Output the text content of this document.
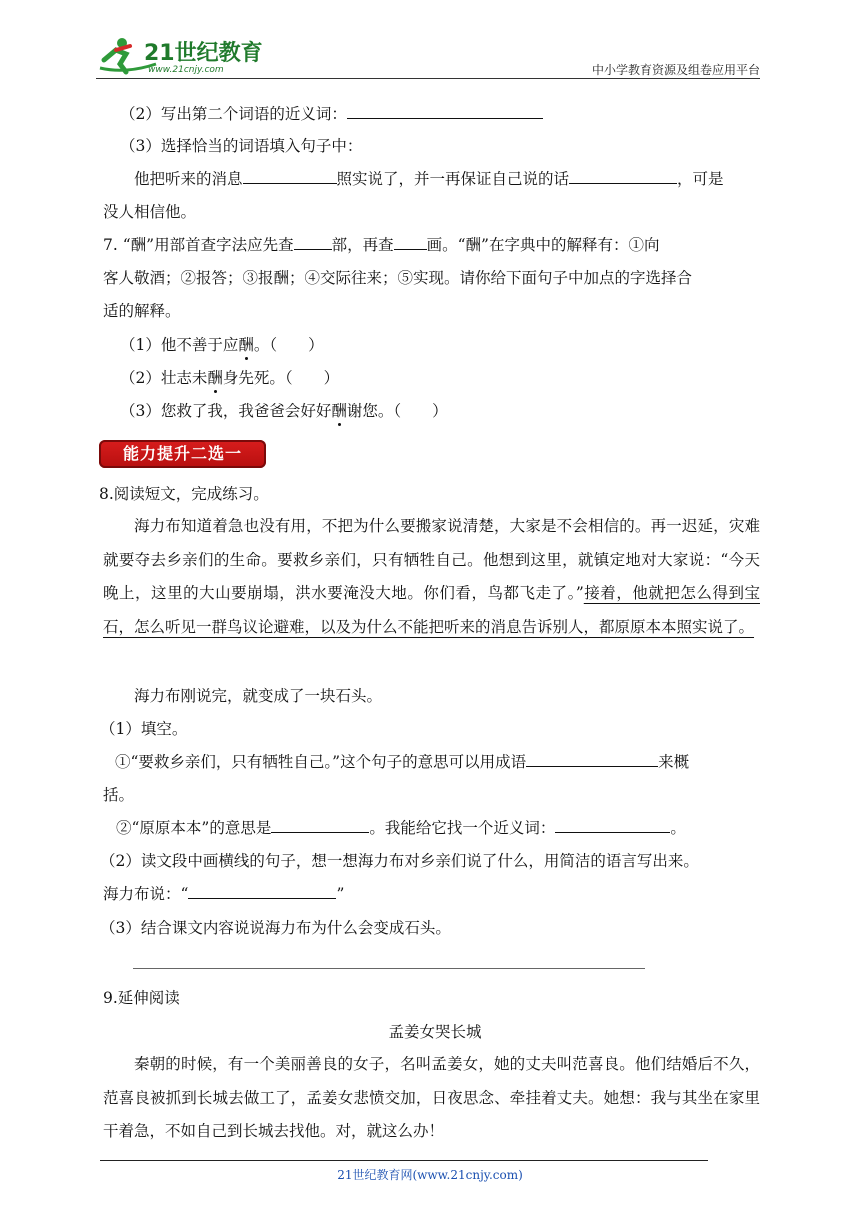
21世纪教育
www.21cnjy.com	中小学教育资源及组卷应用平台
（2）写出第二个词语的近义词：
（3）选择恰当的词语填入句子中：
他把听来的消息	照实说了，并一再保证自己说的话	，可是
没人相信他。
7. “酬”用部首查字法应先查 部，再查 画。“酬”在字典中的解释有：①向
客人敬酒；②报答；③报酬；④交际往来；⑤实现。请你给下面句子中加点的字选择合
适的解释。
（1）他不善于应酬。（　　）
（2）壮志未酬身先死。（　　）
（3）您救了我，我爸爸会好好酬谢您。（　　）
能力提升二选一
8.阅读短文，完成练习。
海力布知道着急也没有用，不把为什么要搬家说清楚，大家是不会相信的。再一迟延，灾难就要夺去乡亲们的生命。要救乡亲们，只有牺牲自己。他想到这里，就镇定地对大家说：“今天晚上，这里的大山要崩塌，洪水要淹没大地。你们看，鸟都飞走了。”接着，他就把怎么得到宝石，怎么听见一群鸟议论避难，以及为什么不能把听来的消息告诉别人，都原原本本照实说了。
海力布刚说完，就变成了一块石头。
（1）填空。
①“要救乡亲们，只有牺牲自己。”这个句子的意思可以用成语	来概
括。
②“原原本本”的意思是	。我能给它找一个近义词：	。
（2）读文段中画横线的句子，想一想海力布对乡亲们说了什么，用简洁的语言写出来。
海力布说：“	”
（3）结合课文内容说说海力布为什么会变成石头。
9.延伸阅读
孟姜女哭长城
秦朝的时候，有一个美丽善良的女子，名叫孟姜女，她的丈夫叫范喜良。他们结婚后不久，范喜良被抓到长城去做工了，孟姜女悲愤交加，日夜思念、牵挂着丈夫。她想：我与其坐在家里干着急，不如自己到长城去找他。对，就这么办！
21世纪教育网(www.21cnjy.com)
